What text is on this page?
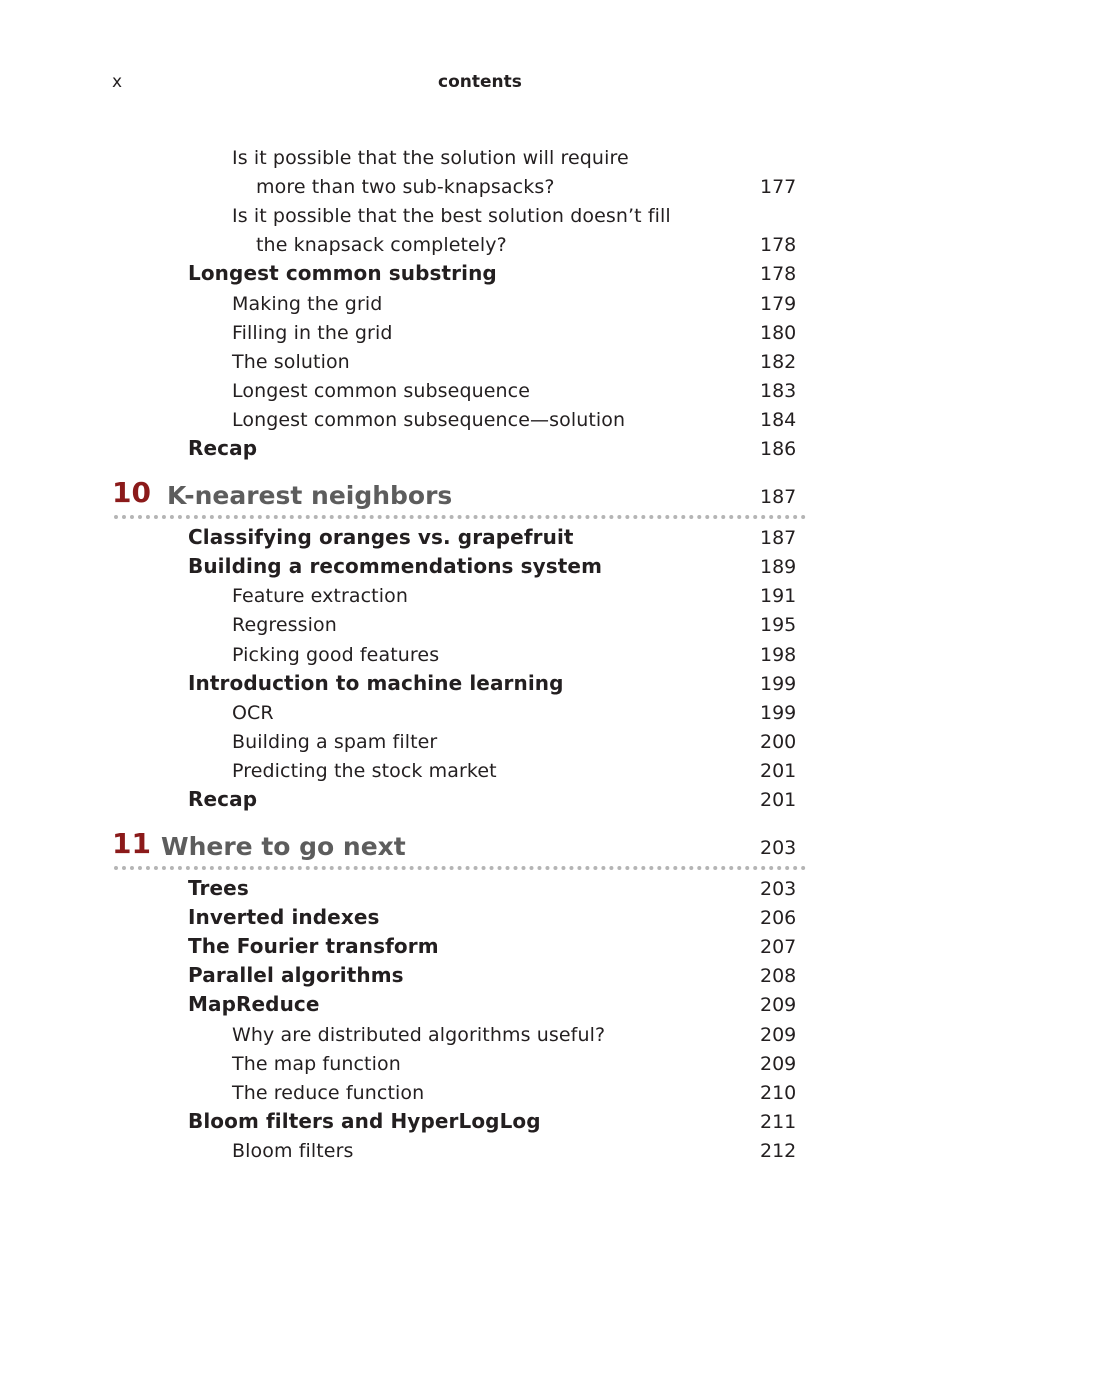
x	contents
Is it possible that the solution will require
more than two sub-knapsacks?	177
Is it possible that the best solution doesn’t fill
the knapsack completely?	178
Longest common substring	178
Making the grid	179
Filling in the grid	180
The solution	182
Longest common subsequence	183
Longest common subsequence—solution	184
Recap	186
10 K-nearest neighbors	187
Classifying oranges vs. grapefruit	187
Building a recommendations system	189
Feature extraction	191
Regression	195
Picking good features	198
Introduction to machine learning	199
OCR	199
Building a spam filter	200
Predicting the stock market	201
Recap	201
11 Where to go next	203
Trees	203
Inverted indexes	206
The Fourier transform	207
Parallel algorithms	208
MapReduce	209
Why are distributed algorithms useful?	209
The map function	209
The reduce function	210
Bloom filters and HyperLogLog	211
Bloom filters	212
